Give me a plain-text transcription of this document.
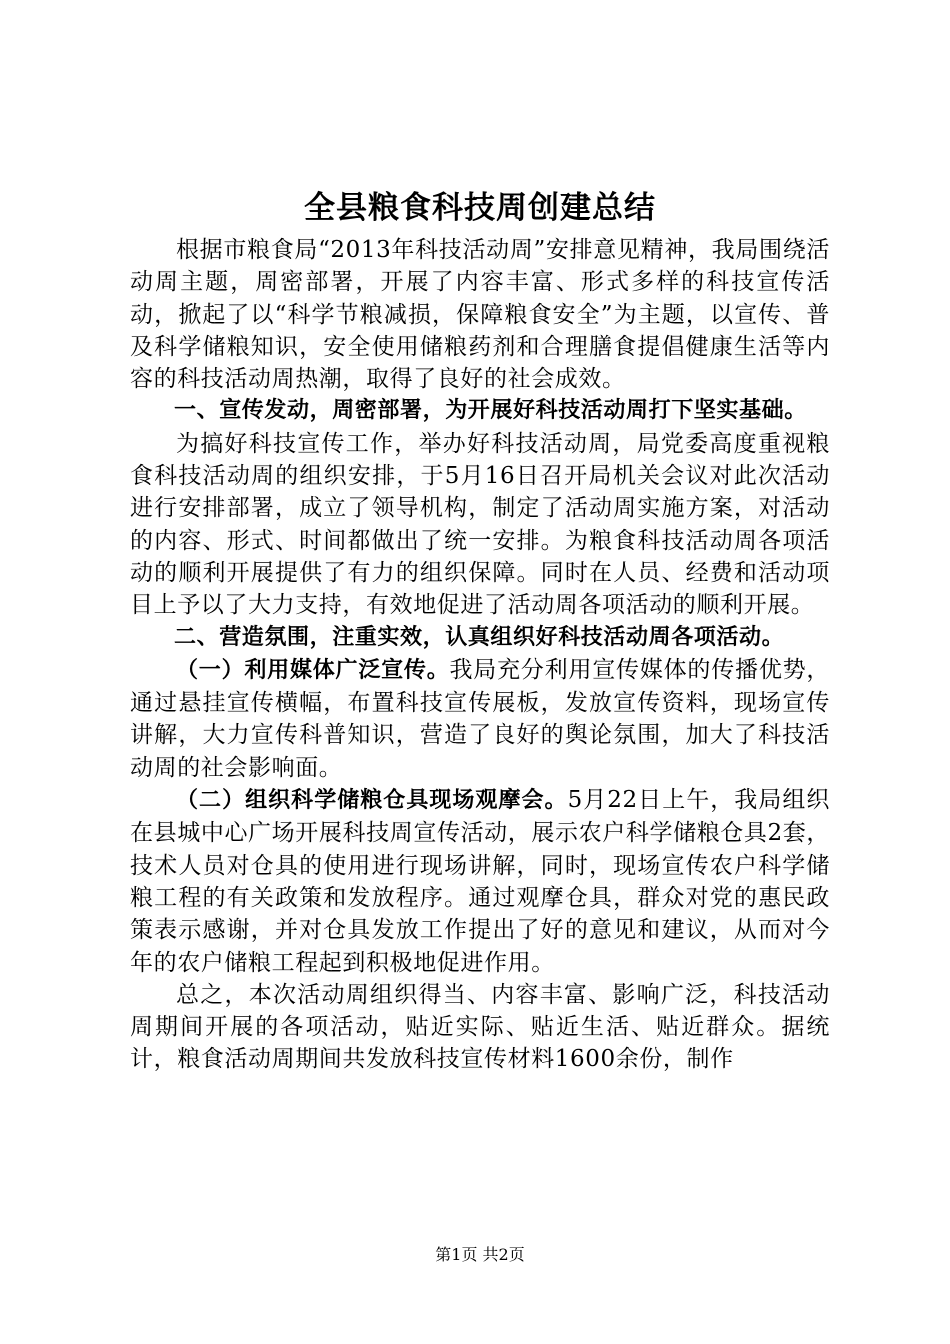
全县粮食科技周创建总结

根据市粮食局“2013年科技活动周”安排意见精神，我局围绕活动周主题，周密部署，开展了内容丰富、形式多样的科技宣传活动，掀起了以“科学节粮减损，保障粮食安全”为主题，以宣传、普及科学储粮知识，安全使用储粮药剂和合理膳食提倡健康生活等内容的科技活动周热潮，取得了良好的社会成效。

一、宣传发动，周密部署，为开展好科技活动周打下坚实基础。

为搞好科技宣传工作，举办好科技活动周，局党委高度重视粮食科技活动周的组织安排，于5月16日召开局机关会议对此次活动进行安排部署，成立了领导机构，制定了活动周实施方案，对活动的内容、形式、时间都做出了统一安排。为粮食科技活动周各项活动的顺利开展提供了有力的组织保障。同时在人员、经费和活动项目上予以了大力支持，有效地促进了活动周各项活动的顺利开展。

二、营造氛围，注重实效，认真组织好科技活动周各项活动。

（一）利用媒体广泛宣传。我局充分利用宣传媒体的传播优势，通过悬挂宣传横幅，布置科技宣传展板，发放宣传资料，现场宣传讲解，大力宣传科普知识，营造了良好的舆论氛围，加大了科技活动周的社会影响面。

（二）组织科学储粮仓具现场观摩会。5月22日上午，我局组织在县城中心广场开展科技周宣传活动，展示农户科学储粮仓具2套，技术人员对仓具的使用进行现场讲解，同时，现场宣传农户科学储粮工程的有关政策和发放程序。通过观摩仓具，群众对党的惠民政策表示感谢，并对仓具发放工作提出了好的意见和建议，从而对今年的农户储粮工程起到积极地促进作用。

总之，本次活动周组织得当、内容丰富、影响广泛，科技活动周期间开展的各项活动，贴近实际、贴近生活、贴近群众。据统计，粮食活动周期间共发放科技宣传材料1600余份，制作

第1页 共2页
